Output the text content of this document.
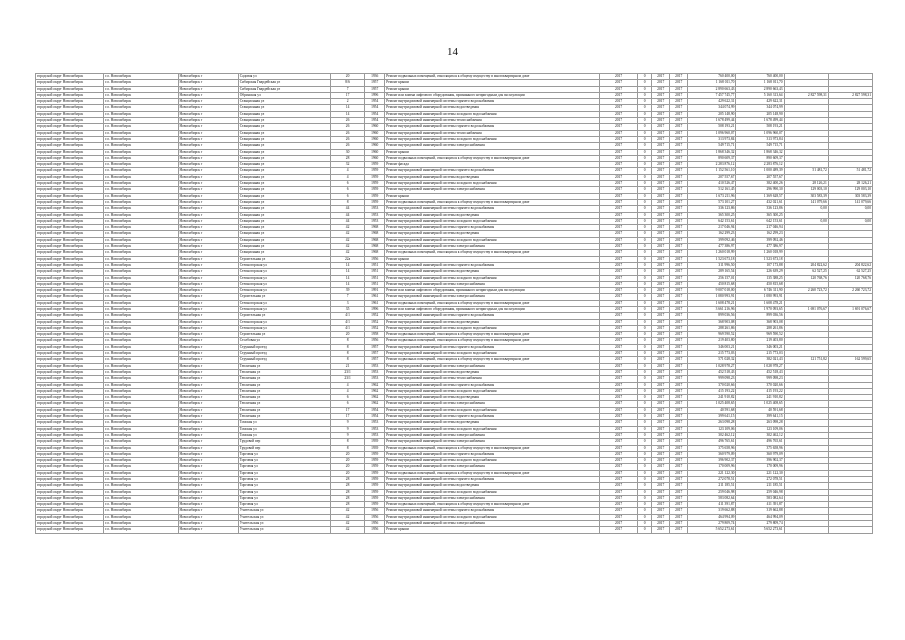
14
городской округ Новосибирск	г.о. Новосибирск	Новосибирск г	Садовая ул	20	1936	Ремонт подвальных помещений, относящихся к общему имуществу в многоквартирном доме	2017	0	2017	2017	760 400,00	760 400,00		
городской округ Новосибирск	г.о. Новосибирск	Новосибирск г	Сибирская Гвардейская ул	8/6	1957	Ремонт крыши	2017	0	2017	2017	1 168 011,70	1 168 011,70		
городской округ Новосибирск	г.о. Новосибирск	Новосибирск г	Сибирская Гвардейская ул	7	1957	Ремонт крыши	2017	0	2017	2017	2 890 663,43	2 890 663,43		
городской округ Новосибирск	г.о. Новосибирск	Новосибирск г	Обринская ул	17	1996	Ремонт или замена лифтового оборудования, признанного непригодным для эксплуатации	2017	0	2017	2017	7 457 745,77	5 160 313,64	2 827 598,31	2 827 598,31
городской округ Новосибирск	г.о. Новосибирск	Новосибирск г	Станционная ул	2	1954	Ремонт внутридомовой инженерной системы горячего водоснабжения	2017	0	2017	2017	429 622,31	429 622,31		
городской округ Новосибирск	г.о. Новосибирск	Новосибирск г	Станционная ул	14	1954	Ремонт внутридомовой инженерной системы водоотведения	2017	0	2017	2017	344 074,99	344 074,99		
городской округ Новосибирск	г.о. Новосибирск	Новосибирск г	Станционная ул	14	1954	Ремонт внутридомовой инженерной системы холодного водоснабжения	2017	0	2017	2017	205 148,90	205 148,90		
городской округ Новосибирск	г.о. Новосибирск	Новосибирск г	Станционная ул	26	1954	Ремонт внутридомовой инженерной системы теплоснабжения	2017	0	2017	2017	1 678 499,44	1 678 499,44		
городской округ Новосибирск	г.о. Новосибирск	Новосибирск г	Станционная ул	26	1960	Ремонт внутридомовой инженерной системы горячего водоснабжения	2017	0	2017	2017	508 193,21	508 193,21		
городской округ Новосибирск	г.о. Новосибирск	Новосибирск г	Станционная ул	26	1960	Ремонт внутридомовой инженерной системы теплоснабжения	2017	0	2017	2017	1 096 960,07	1 096 960,07		
городской округ Новосибирск	г.о. Новосибирск	Новосибирск г	Станционная ул	26	1960	Ремонт внутридомовой инженерной системы холодного водоснабжения	2017	0	2017	2017	313 973,84	313 973,84		
городской округ Новосибирск	г.о. Новосибирск	Новосибирск г	Станционная ул	26	1960	Ремонт внутридомовой инженерной системы электроснабжения	2017	0	2017	2017	549 715,71	549 715,71		
городской округ Новосибирск	г.о. Новосибирск	Новосибирск г	Станционная ул	30	1960	Ремонт крыши	2017	0	2017	2017	1 868 346,32	1 868 346,32		
городской округ Новосибирск	г.о. Новосибирск	Новосибирск г	Станционная ул	28	1960	Ремонт подвальных помещений, относящихся к общему имуществу в многоквартирном доме	2017	0	2017	2017	890 609,37	890 609,37		
городской округ Новосибирск	г.о. Новосибирск	Новосибирск г	Станционная ул	32	1959	Ремонт фасада	2017	0	2017	2017	2 283 876,12	2 283 876,12		
городской округ Новосибирск	г.о. Новосибирск	Новосибирск г	Станционная ул	4	1959	Ремонт внутридомовой инженерной системы горячего водоснабжения	2017	0	2017	2017	1 152 561,10	1 000 489,39	51 481,72	51 481,72
городской округ Новосибирск	г.о. Новосибирск	Новосибирск г	Станционная ул	4	1959	Ремонт внутридомовой инженерной системы водоотведения	2017	0	2017	2017	207 557,67	207 557,67		
городской округ Новосибирск	г.о. Новосибирск	Новосибирск г	Станционная ул	6	1959	Ремонт внутридомовой инженерной системы холодного водоснабжения	2017	0	2017	2017	410 526,47	382 400,26	28 126,21	28 126,21
городской округ Новосибирск	г.о. Новосибирск	Новосибирск г	Станционная ул	6	1959	Ремонт внутридомовой инженерной системы электроснабжения	2017	0	2017	2017	512 161,45	296 990,30	129 003,10	129 003,10
городской округ Новосибирск	г.о. Новосибирск	Новосибирск г	Станционная ул	6	1959	Ремонт крыши	2017	0	2017	2017	1 673 211,96	1 369 628,57	303 583,39	303 583,39
городской округ Новосибирск	г.о. Новосибирск	Новосибирск г	Станционная ул	8	1959	Ремонт подвальных помещений, относящихся к общему имуществу в многоквартирном доме	2017	0	2017	2017	573 101,27	432 021,61	141 079,66	141 079,66
городской округ Новосибирск	г.о. Новосибирск	Новосибирск г	Станционная ул	44	1953	Ремонт внутридомовой инженерной системы горячего водоснабжения	2017	0	2017	2017	336 123,86	336 123,86	0,00	0,00
городской округ Новосибирск	г.о. Новосибирск	Новосибирск г	Станционная ул	44	1953	Ремонт внутридомовой инженерной системы водоотведения	2017	0	2017	2017	365 300,25	365 300,25		
городской округ Новосибирск	г.о. Новосибирск	Новосибирск г	Станционная ул	44	1953	Ремонт внутридомовой инженерной системы холодного водоснабжения	2017	0	2017	2017	642 153,61	642 153,61	0,00	0,00
городской округ Новосибирск	г.о. Новосибирск	Новосибирск г	Станционная ул	42	1968	Ремонт внутридомовой инженерной системы горячего водоснабжения	2017	0	2017	2017	217 046,94	217 046,94		
городской округ Новосибирск	г.о. Новосибирск	Новосибирск г	Станционная ул	42	1968	Ремонт внутридомовой инженерной системы водоотведения	2017	0	2017	2017	162 299,23	162 299,23		
городской округ Новосибирск	г.о. Новосибирск	Новосибирск г	Станционная ул	42	1968	Ремонт внутридомовой инженерной системы холодного водоснабжения	2017	0	2017	2017	399 092,46	399 092,46		
городской округ Новосибирск	г.о. Новосибирск	Новосибирск г	Станционная ул	42	1968	Ремонт внутридомовой инженерной системы электроснабжения	2017	0	2017	2017	477 386,97	477 386,97		
городской округ Новосибирск	г.о. Новосибирск	Новосибирск г	Станционная ул	42	1968	Ремонт подвальных помещений, относящихся к общему имуществу в многоквартирном доме	2017	0	2017	2017	1 260 018,99	1 260 018,99		
городской округ Новосибирск	г.о. Новосибирск	Новосибирск г	Строительная ул	22а	1956	Ремонт крыши	2017	0	2017	2017	1 523 673,18	1 523 673,18		
городской округ Новосибирск	г.о. Новосибирск	Новосибирск г	Степногорская ул	14	1951	Ремонт внутридомовой инженерной системы горячего водоснабжения	2017	0	2017	2017	311 996,50	107 173,88	204 822,62	204 822,62
городской округ Новосибирск	г.о. Новосибирск	Новосибирск г	Степногорская ул	14	1951	Ремонт внутридомовой инженерной системы водоотведения	2017	0	2017	2017	289 165,54	226 639,29	62 527,25	62 527,25
городской округ Новосибирск	г.о. Новосибирск	Новосибирск г	Степногорская ул	14	1951	Ремонт внутридомовой инженерной системы холодного водоснабжения	2017	0	2017	2017	256 157,01	135 388,25	120 768,76	120 768,76
городской округ Новосибирск	г.о. Новосибирск	Новосибирск г	Степногорская ул	14	1951	Ремонт внутридомовой инженерной системы электроснабжения	2017	0	2017	2017	450 815,68	450 815,68		
городской округ Новосибирск	г.о. Новосибирск	Новосибирск г	Степногорская ул	39	1991	Ремонт или замена лифтового оборудования, признанного непригодным для эксплуатации	2017	0	2017	2017	9 007 018,00	6 746 311,90	2 260 723,72	2 260 723,72
городской округ Новосибирск	г.о. Новосибирск	Новосибирск г	Строительная ул	7	1961	Ремонт внутридомовой инженерной системы электроснабжения	2017	0	2017	2017	1 080 993,91	1 080 993,91		
городской округ Новосибирск	г.о. Новосибирск	Новосибирск г	Степногорская ул	3	1961	Ремонт подвальных помещений, относящихся к общему имуществу в многоквартирном доме	2017	0	2017	2017	1 608 478,21	1 608 478,21		
городской округ Новосибирск	г.о. Новосибирск	Новосибирск г	Степногорская ул	35	1996	Ремонт или замена лифтового оборудования, признанного непригодным для эксплуатации	2017	0	2017	2017	3 661 216,96	1 970 093,65	1 691 076,67	1 691 076,67
городской округ Новосибирск	г.о. Новосибирск	Новосибирск г	Строительная ул	4/1	1952	Ремонт внутридомовой инженерной системы горячего водоснабжения	2017	0	2017	2017	899 036,56	899 036,56		
городской округ Новосибирск	г.о. Новосибирск	Новосибирск г	Степногорская ул	4/1	1952	Ремонт внутридомовой инженерной системы водоотведения	2017	0	2017	2017	368 903,08	368 903,08		
городской округ Новосибирск	г.о. Новосибирск	Новосибирск г	Степногорская ул	4/1	1952	Ремонт внутридомовой инженерной системы холодного водоснабжения	2017	0	2017	2017	288 261,86	288 261,86		
городской округ Новосибирск	г.о. Новосибирск	Новосибирск г	Строительная ул	20	1958	Ремонт подвальных помещений, относящихся к общему имуществу в многоквартирном доме	2017	0	2017	2017	969 590,52	969 590,52		
городской округ Новосибирск	г.о. Новосибирск	Новосибирск г	Столбовая ул	8	1956	Ремонт подвальных помещений, относящихся к общему имуществу в многоквартирном доме	2017	0	2017	2017	219 403,80	219 403,80		
городской округ Новосибирск	г.о. Новосибирск	Новосибирск г	Струнный проезд	8	1957	Ремонт внутридомовой инженерной системы горячего водоснабжения	2017	0	2017	2017	346 003,21	346 003,21		
городской округ Новосибирск	г.о. Новосибирск	Новосибирск г	Струнный проезд	8	1957	Ремонт внутридомовой инженерной системы холодного водоснабжения	2017	0	2017	2017	215 773,03	215 773,03		
городской округ Новосибирск	г.о. Новосибирск	Новосибирск г	Струнный проезд	8	1957	Ремонт подвальных помещений, относящихся к общему имуществу в многоквартирном доме	2017	0	2017	2017	571 028,32	382 021,43	121 751,82	162 599,65
городской округ Новосибирск	г.о. Новосибирск	Новосибирск г	Тепличная ул	21	1953	Ремонт внутридомовой инженерной системы электроснабжения	2017	0	2017	2017	1 028 978,27	1 028 978,27		
городской округ Новосибирск	г.о. Новосибирск	Новосибирск г	Тепличная ул	23/1	1953	Ремонт внутридомовой инженерной системы водоотведения	2017	0	2017	2017	452 518,43	452 518,43		
городской округ Новосибирск	г.о. Новосибирск	Новосибирск г	Тепличная ул	23/1	1953	Ремонт внутридомовой инженерной системы теплоснабжения	2017	0	2017	2017	999 098,23	999 098,23		
городской округ Новосибирск	г.о. Новосибирск	Новосибирск г	Тепличная ул	4	1962	Ремонт внутридомовой инженерной системы горячего водоснабжения	2017	0	2017	2017	370 020,66	370 020,66		
городской округ Новосибирск	г.о. Новосибирск	Новосибирск г	Тепличная ул	4	1962	Ремонт внутридомовой инженерной системы холодного водоснабжения	2017	0	2017	2017	415 193,22	415 193,22		
городской округ Новосибирск	г.о. Новосибирск	Новосибирск г	Тепличная ул	6	1962	Ремонт внутридомовой инженерной системы водоотведения	2017	0	2017	2017	241 910,82	241 910,82		
городской округ Новосибирск	г.о. Новосибирск	Новосибирск г	Тепличная ул	6	1962	Ремонт внутридомовой инженерной системы электроснабжения	2017	0	2017	2017	1 025 408,65	1 025 408,65		
городской округ Новосибирск	г.о. Новосибирск	Новосибирск г	Тепличная ул	17	1954	Ремонт внутридомовой инженерной системы холодного водоснабжения	2017	0	2017	2017	40 591,68	40 591,68		
городской округ Новосибирск	г.о. Новосибирск	Новосибирск г	Тепличная ул	17	1954	Ремонт внутридомовой инженерной системы горячего водоснабжения	2017	0	2017	2017	399 641,15	399 641,15		
городской округ Новосибирск	г.о. Новосибирск	Новосибирск г	Томская ул	9	1953	Ремонт внутридомовой инженерной системы водоотведения	2017	0	2017	2017	263 098,28	263 098,28		
городской округ Новосибирск	г.о. Новосибирск	Новосибирск г	Томская ул	9	1953	Ремонт внутридомовой инженерной системы холодного водоснабжения	2017	0	2017	2017	123 109,06	123 109,06		
городской округ Новосибирск	г.о. Новосибирск	Новосибирск г	Томская ул	9	1953	Ремонт внутридомовой инженерной системы электроснабжения	2017	0	2017	2017	302 462,12	302 462,12		
городской округ Новосибирск	г.о. Новосибирск	Новосибирск г	Трудовой пер	8	1939	Ремонт внутридомовой инженерной системы электроснабжения	2017	0	2017	2017	496 765,61	496 765,61		
городской округ Новосибирск	г.о. Новосибирск	Новосибирск г	Трудовой пер	8	1939	Ремонт подвальных помещений, относящихся к общему имуществу в многоквартирном доме	2017	0	2017	2017	375 658,96	375 658,96		
городской округ Новосибирск	г.о. Новосибирск	Новосибирск г	Торговая ул	20	1959	Ремонт внутридомовой инженерной системы горячего водоснабжения	2017	0	2017	2017	360 979,09	360 979,09		
городской округ Новосибирск	г.о. Новосибирск	Новосибирск г	Торговая ул	20	1959	Ремонт внутридомовой инженерной системы холодного водоснабжения	2017	0	2017	2017	396 902,37	396 902,37		
городской округ Новосибирск	г.о. Новосибирск	Новосибирск г	Торговая ул	20	1959	Ремонт внутридомовой инженерной системы электроснабжения	2017	0	2017	2017	170 009,96	170 009,96		
городской округ Новосибирск	г.о. Новосибирск	Новосибирск г	Торговая ул	20	1959	Ремонт подвальных помещений, относящихся к общему имуществу в многоквартирном доме	2017	0	2017	2017	221 122,30	221 122,30		
городской округ Новосибирск	г.о. Новосибирск	Новосибирск г	Торговая ул	28	1959	Ремонт внутридомовой инженерной системы горячего водоснабжения	2017	0	2017	2017	272 078,51	272 078,51		
городской округ Новосибирск	г.о. Новосибирск	Новосибирск г	Торговая ул	28	1959	Ремонт внутридомовой инженерной системы водоотведения	2017	0	2017	2017	211 185,51	211 185,51		
городской округ Новосибирск	г.о. Новосибирск	Новосибирск г	Торговая ул	28	1959	Ремонт внутридомовой инженерной системы холодного водоснабжения	2017	0	2017	2017	259 046,98	259 046,98		
городской округ Новосибирск	г.о. Новосибирск	Новосибирск г	Торговая ул	28	1959	Ремонт внутридомовой инженерной системы электроснабжения	2017	0	2017	2017	583 082,64	583 082,64		
городской округ Новосибирск	г.о. Новосибирск	Новосибирск г	Торговая ул	28	1959	Ремонт подвальных помещений, относящихся к общему имуществу в многоквартирном доме	2017	0	2017	2017	411 391,87	411 391,87		
городской округ Новосибирск	г.о. Новосибирск	Новосибирск г	Учительская ул	42	1956	Ремонт внутридомовой инженерной системы горячего водоснабжения	2017	0	2017	2017	319 662,88	319 662,88		
городской округ Новосибирск	г.о. Новосибирск	Новосибирск г	Учительская ул	42	1956	Ремонт внутридомовой инженерной системы холодного водоснабжения	2017	0	2017	2017	464 994,09	464 994,09		
городской округ Новосибирск	г.о. Новосибирск	Новосибирск г	Учительская ул	42	1956	Ремонт внутридомовой инженерной системы электроснабжения	2017	0	2017	2017	279 809,74	279 809,74		
городской округ Новосибирск	г.о. Новосибирск	Новосибирск г	Учительская ул	42	1956	Ремонт крыши	2017	0	2017	2017	5 652 273,61	5 652 273,61		
